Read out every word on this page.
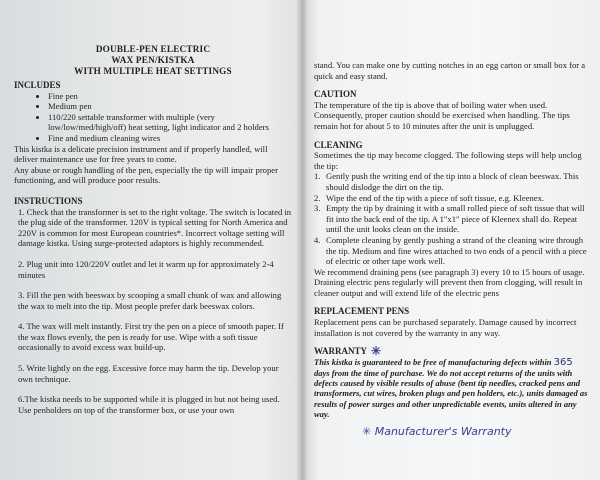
DOUBLE-PEN ELECTRIC
WAX PEN/KISTKA
WITH MULTIPLE HEAT SETTINGS
INCLUDES
• Fine pen
• Medium pen
• 110/220 settable transformer with multiple (very low/low/med/high/off) heat setting, light indicator and 2 holders
• Fine and medium cleaning wires

This kistka is a delicate precision instrument and if properly handled, will deliver maintenance use for free years to come.

Any abuse or rough handling of the pen, especially the tip will impair proper functioning, and will produce poor results.

INSTRUCTIONS

1. Check that the transformer is set to the right voltage. The switch is located in the plug side of the transformer. 120V is typical setting for North America and 220V is common for most European countries*. Incorrect voltage setting will damage kistka. Using surge-protected adaptors is highly recommended.

2. Plug unit into 120/220V outlet and let it warm up for approximately 2-4 minutes

3. Fill the pen with beeswax by scooping a small chunk of wax and allowing the wax to melt into the tip. Most people prefer dark beeswax colors.

4. The wax will melt instantly. First try the pen on a piece of smooth paper. If the wax flows evenly, the pen is ready for use. Wipe with a soft tissue occasionally to avoid excess wax build-up.

5. Write lightly on the egg. Excessive force may harm the tip. Develop your own technique.

6.The kistka needs to be supported while it is plugged in but not being used. Use penholders on top of the transformer box, or use your own

stand. You can make one by cutting notches in an egg carton or small box for a quick and easy stand.

CAUTION

The temperature of the tip is above that of boiling water when used. Consequently, proper caution should be exercised when handling. The tips remain hot for about 5 to 10 minutes after the unit is unplugged.

CLEANING

Sometimes the tip may become clogged. The following steps will help unclog the tip:

1. Gently push the writing end of the tip into a block of clean beeswax. This should dislodge the dirt on the tip.
2. Wipe the end of the tip with a piece of soft tissue, e.g. Kleenex.
3. Empty the tip by draining it with a small rolled piece of soft tissue that will fit into the back end of the tip. A 1"x1" piece of Kleenex shall do. Repeat until the unit looks clean on the inside.
4. Complete cleaning by gently pushing a strand of the cleaning wire through the tip. Medium and fine wires attached to two ends of a pencil with a piece of electric or other tape work well.

We recommend draining pens (see paragraph 3) every 10 to 15 hours of usage. Draining electric pens regularly will prevent then from clogging, will result in cleaner output and will extend life of the electric pens

REPLACEMENT PENS

Replacement pens can be purchased separately. Damage caused by incorrect installation is not covered by the warranty in any way.

WARRANTY ✳

This kistka is guaranteed to be free of manufacturing defects within 365 days from the time of purchase. We do not accept returns of the units with defects caused by visible results of abuse (bent tip needles, cracked pens and transformers, cut wires, broken plugs and pen holders, etc.), units damaged as results of power surges and other unpredictable events, units altered in any way.

✳ Manufacturer's Warranty
